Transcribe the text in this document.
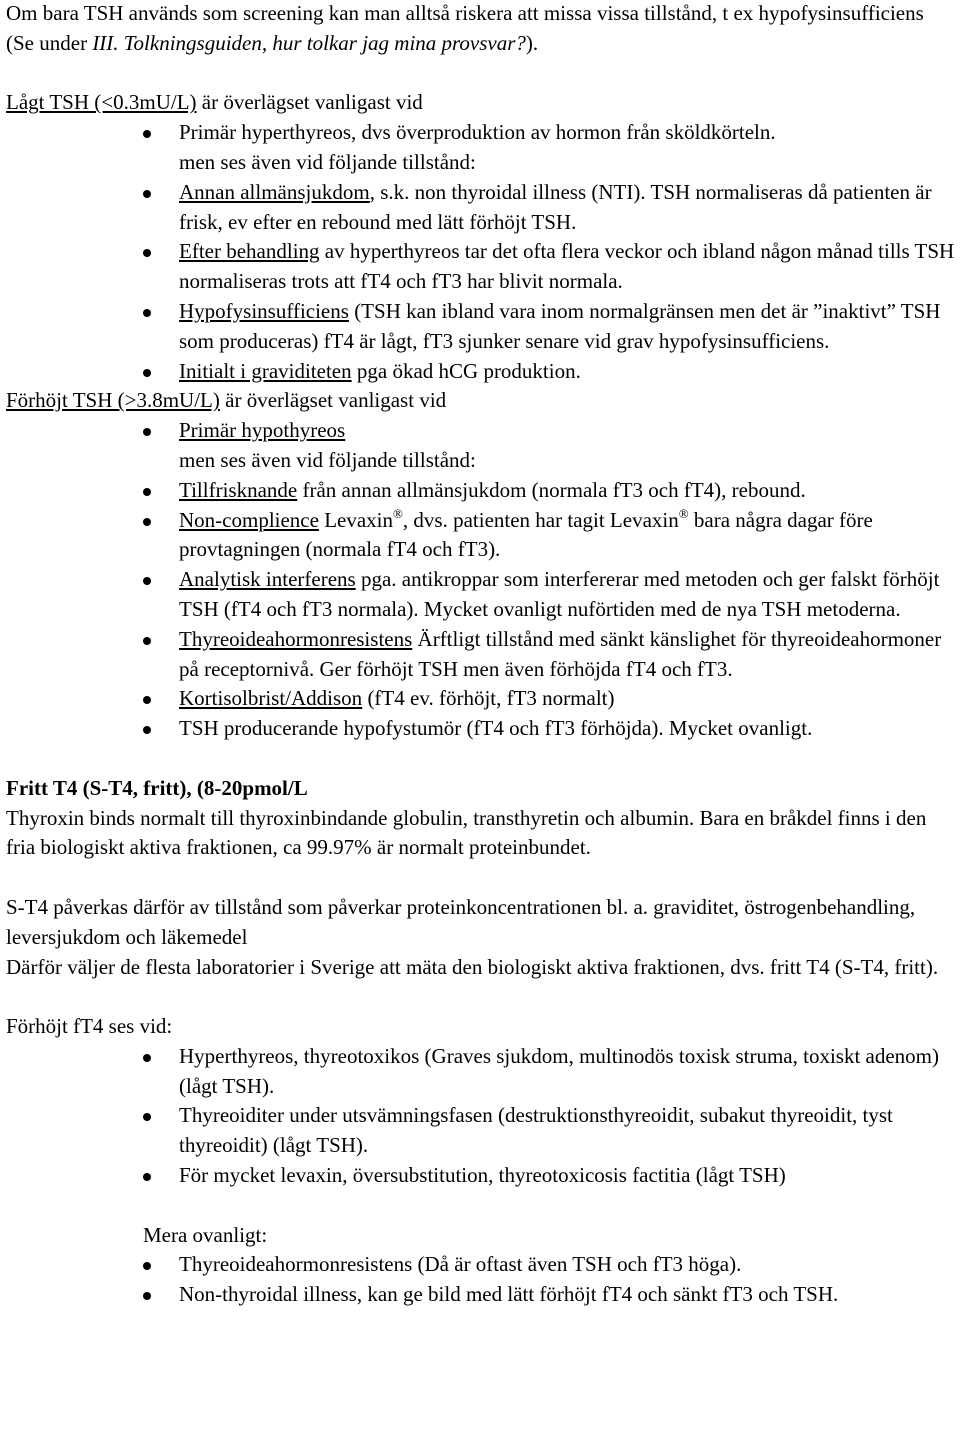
Om bara TSH används som screening kan man alltså riskera att missa vissa tillstånd, t ex hypofysinsufficiens (Se under III. Tolkningsguiden, hur tolkar jag mina provsvar?).

Lågt TSH (<0.3mU/L) är överlägset vanligast vid

Primär hyperthyreos, dvs överproduktion av hormon från sköldkörteln.
men ses även vid följande tillstånd:
Annan allmänsjukdom, s.k. non thyroidal illness (NTI). TSH normaliseras då patienten är frisk, ev efter en rebound med lätt förhöjt TSH.
Efter behandling av hyperthyreos tar det ofta flera veckor och ibland någon månad tills TSH normaliseras trots att fT4 och fT3 har blivit normala.
Hypofysinsufficiens (TSH kan ibland vara inom normalgränsen men det är ”inaktivt” TSH som produceras) fT4 är lågt, fT3 sjunker senare vid grav hypofysinsufficiens.
Initialt i graviditeten pga ökad hCG produktion.

Förhöjt TSH (>3.8mU/L) är överlägset vanligast vid

Primär hypothyreos
men ses även vid följande tillstånd:
Tillfrisknande från annan allmänsjukdom (normala fT3 och fT4), rebound.
Non-complience Levaxin®, dvs. patienten har tagit Levaxin® bara några dagar före provtagningen (normala fT4 och fT3).
Analytisk interferens pga. antikroppar som interfererar med metoden och ger falskt förhöjt TSH (fT4 och fT3 normala). Mycket ovanligt nuförtiden med de nya TSH metoderna.
Thyreoideahormonresistens Ärftligt tillstånd med sänkt känslighet för thyreoideahormoner på receptornivå. Ger förhöjt TSH men även förhöjda fT4 och fT3.
Kortisolbrist/Addison (fT4 ev. förhöjt, fT3 normalt)
TSH producerande hypofystumör (fT4 och fT3 förhöjda). Mycket ovanligt.

Fritt T4 (S-T4, fritt), (8-20pmol/L

Thyroxin binds normalt till thyroxinbindande globulin, transthyretin och albumin. Bara en bråkdel finns i den fria biologiskt aktiva fraktionen, ca 99.97% är normalt proteinbundet.

S-T4 påverkas därför av tillstånd som påverkar proteinkoncentrationen bl. a. graviditet, östrogenbehandling, leversjukdom och läkemedel

Därför väljer de flesta laboratorier i Sverige att mäta den biologiskt aktiva fraktionen, dvs. fritt T4 (S-T4, fritt).

Förhöjt fT4 ses vid:

Hyperthyreos, thyreotoxikos (Graves sjukdom, multinodös toxisk struma, toxiskt adenom) (lågt TSH).
Thyreoiditer under utsvämningsfasen (destruktionsthyreoidit, subakut thyreoidit, tyst thyreoidit) (lågt TSH).
För mycket levaxin, översubstitution, thyreotoxicosis factitia (lågt TSH)

Mera ovanligt:

Thyreoideahormonresistens (Då är oftast även TSH och fT3 höga).
Non-thyroidal illness, kan ge bild med lätt förhöjt fT4 och sänkt fT3 och TSH.
